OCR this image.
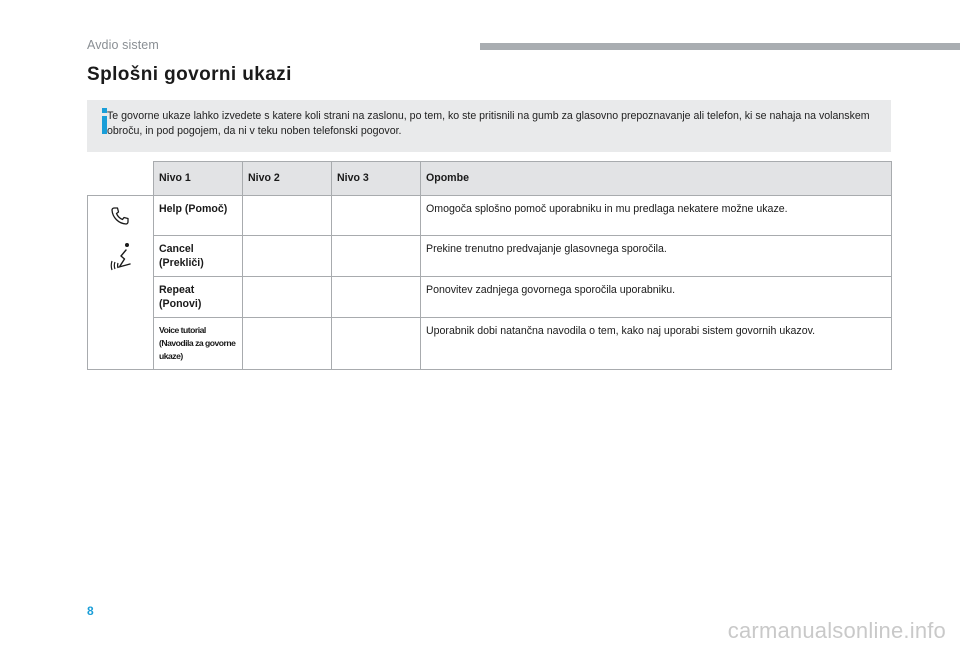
Avdio sistem
Splošni govorni ukazi

Te govorne ukaze lahko izvedete s katere koli strani na zaslonu, po tem, ko ste pritisnili na gumb za glasovno prepoznavanje ali telefon, ki se nahaja na volanskem obroču, in pod pogojem, da ni v teku noben telefonski pogovor.

	Nivo 1	Nivo 2	Nivo 3	Opombe

	Help (Pomoč)			Omogoča splošno pomoč uporabniku in mu predlaga nekatere možne ukaze.
	Cancel (Prekliči)			Prekine trenutno predvajanje glasovnega sporočila.
	Repeat (Ponovi)			Ponovitev zadnjega govornega sporočila uporabniku.
	Voice tutorial (Navodila za govorne ukaze)			Uporabnik dobi natančna navodila o tem, kako naj uporabi sistem govornih ukazov.
8
carmanualsonline.info
